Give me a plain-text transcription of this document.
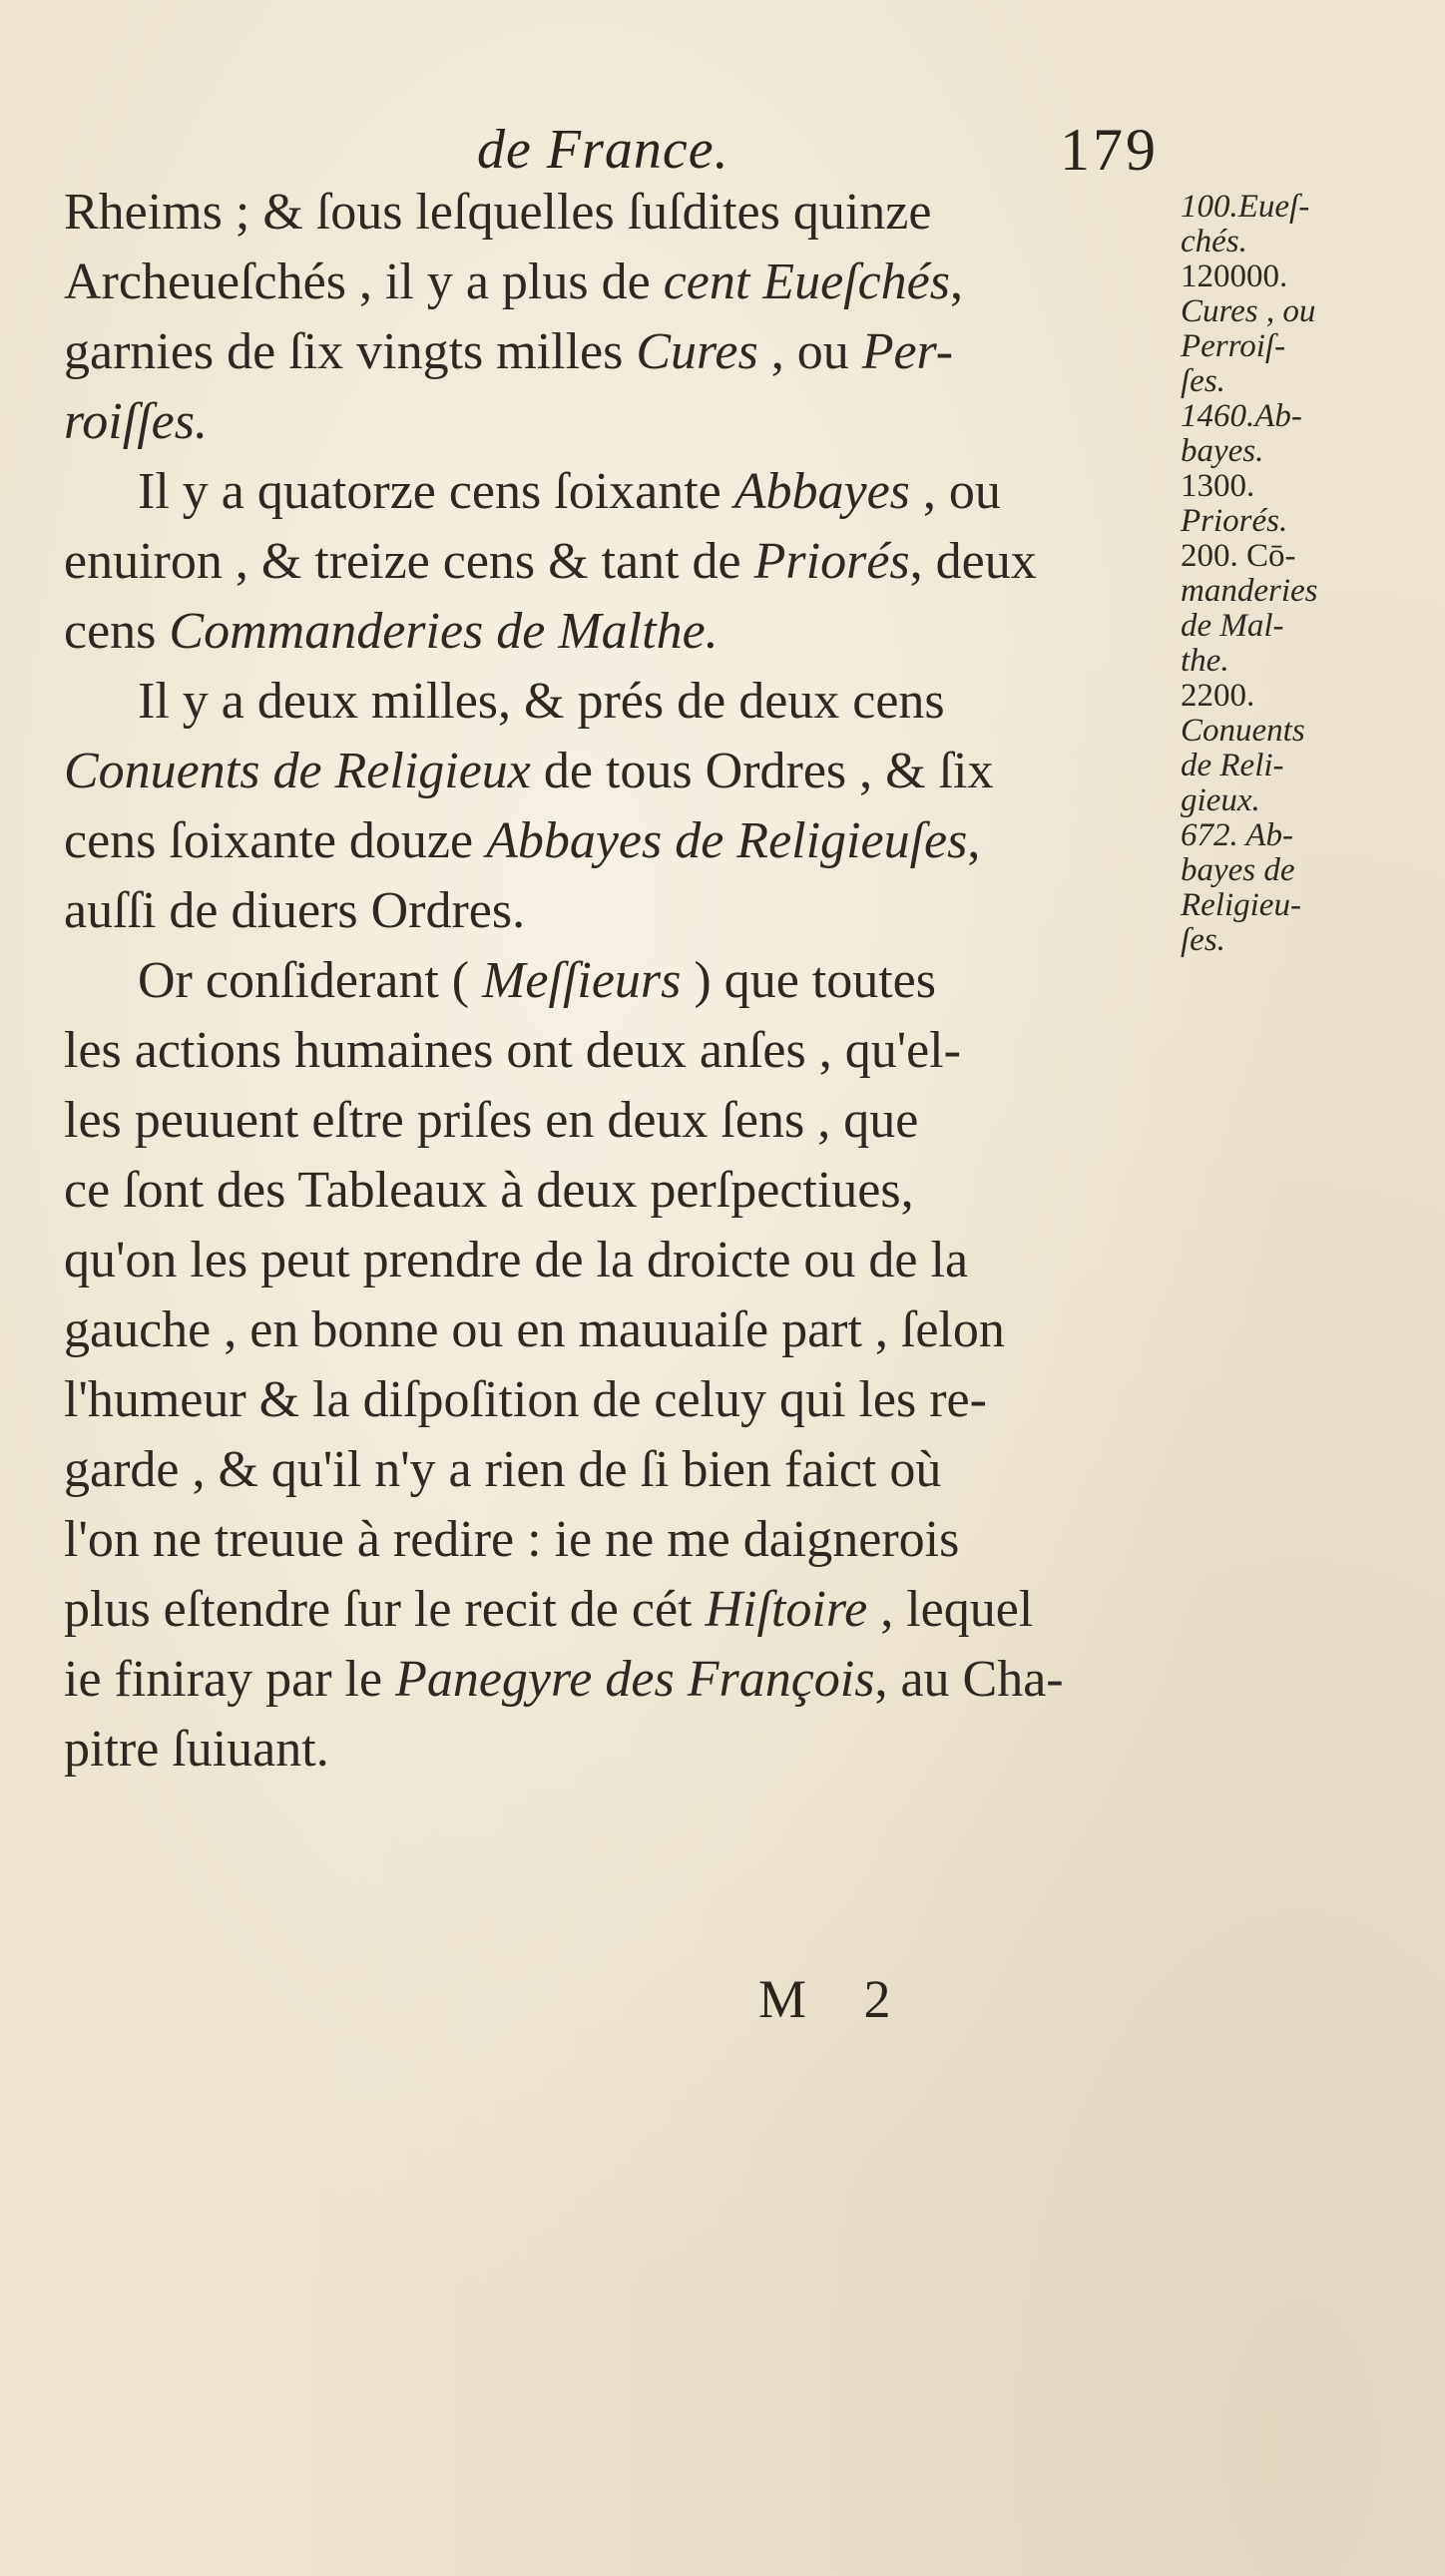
de France.	179
Rheims ; & ſous leſquelles ſuſdites quinze
Archeueſchés , il y a plus de cent Eueſchés,
garnies de ſix vingts milles Cures , ou Per-
roiſſes.
Il y a quatorze cens ſoixante Abbayes , ou
enuiron , & treize cens & tant de Priorés, deux
cens Commanderies de Malthe.
Il y a deux milles, & prés de deux cens
Conuents de Religieux de tous Ordres , & ſix
cens ſoixante douze Abbayes de Religieuſes,
auſſi de diuers Ordres.
Or conſiderant ( Meſſieurs ) que toutes
les actions humaines ont deux anſes , qu'el-
les peuuent eſtre priſes en deux ſens , que
ce ſont des Tableaux à deux perſpectiues,
qu'on les peut prendre de la droicte ou de la
gauche , en bonne ou en mauuaiſe part , ſelon
l'humeur & la diſpoſition de celuy qui les re-
garde , & qu'il n'y a rien de ſi bien faict où
l'on ne treuue à redire : ie ne me daignerois
plus eſtendre ſur le recit de cét Hiſtoire , lequel
ie finiray par le Panegyre des François, au Cha-
pitre ſuiuant.
100.Eueſ-
chés.
120000.
Cures , ou
Perroiſ-
ſes.
1460.Ab-
bayes.
1300.
Priorés.
200. Cō-
manderies
de Mal-
the.
2200.
Conuents
de Reli-
gieux.
672. Ab-
bayes de
Religieu-
ſes.
M 2
